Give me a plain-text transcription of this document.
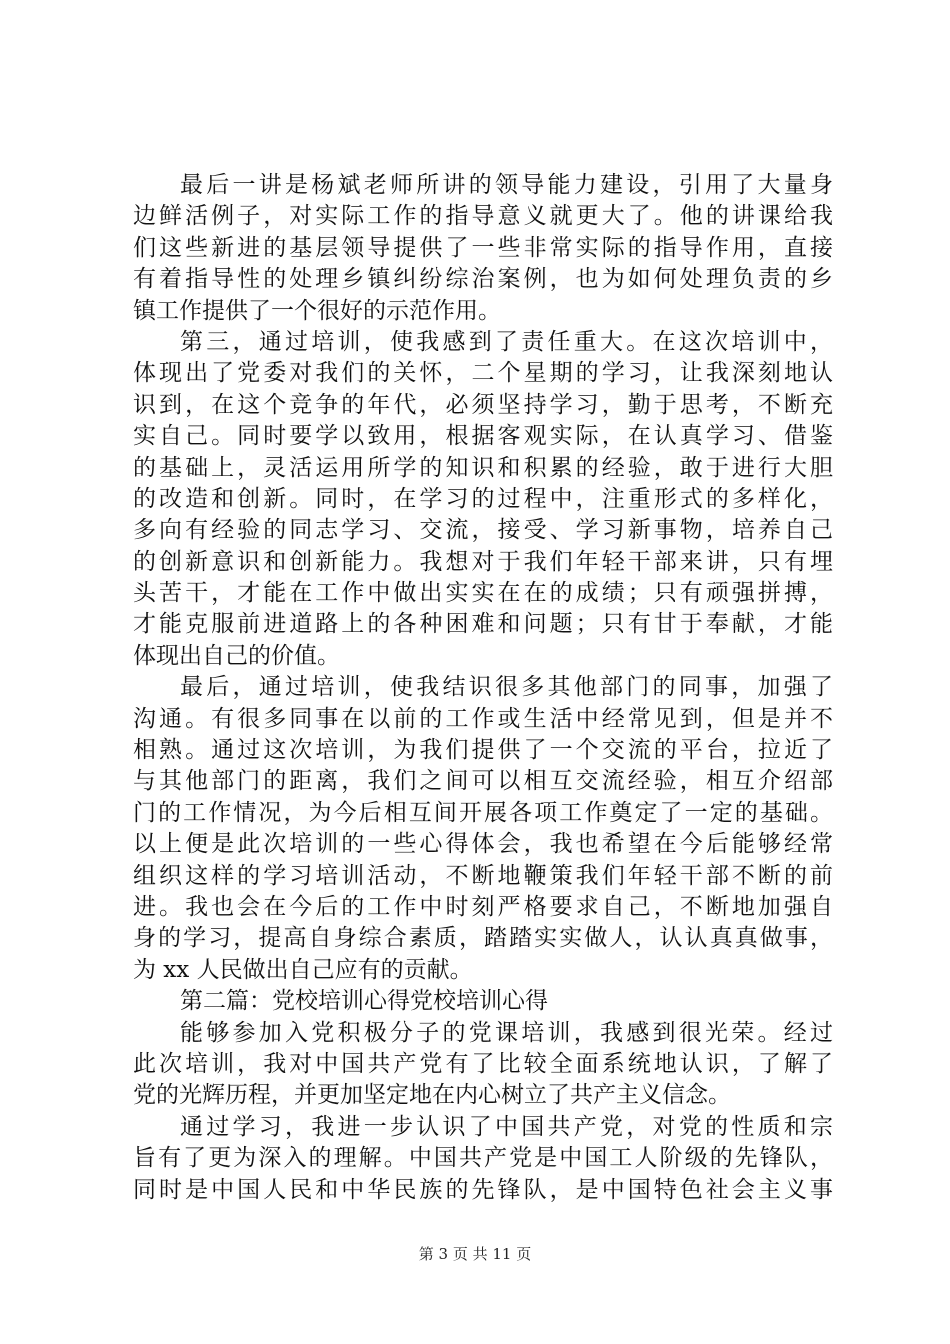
最后一讲是杨斌老师所讲的领导能力建设，引用了大量身
边鲜活例子，对实际工作的指导意义就更大了。他的讲课给我
们这些新进的基层领导提供了一些非常实际的指导作用，直接
有着指导性的处理乡镇纠纷综治案例，也为如何处理负责的乡
镇工作提供了一个很好的示范作用。
第三，通过培训，使我感到了责任重大。在这次培训中，
体现出了党委对我们的关怀，二个星期的学习，让我深刻地认
识到，在这个竞争的年代，必须坚持学习，勤于思考，不断充
实自己。同时要学以致用，根据客观实际，在认真学习、借鉴
的基础上，灵活运用所学的知识和积累的经验，敢于进行大胆
的改造和创新。同时，在学习的过程中，注重形式的多样化，
多向有经验的同志学习、交流，接受、学习新事物，培养自己
的创新意识和创新能力。我想对于我们年轻干部来讲，只有埋
头苦干，才能在工作中做出实实在在的成绩；只有顽强拼搏，
才能克服前进道路上的各种困难和问题；只有甘于奉献，才能
体现出自己的价值。
最后，通过培训，使我结识很多其他部门的同事，加强了
沟通。有很多同事在以前的工作或生活中经常见到，但是并不
相熟。通过这次培训，为我们提供了一个交流的平台，拉近了
与其他部门的距离，我们之间可以相互交流经验，相互介绍部
门的工作情况，为今后相互间开展各项工作奠定了一定的基础。
以上便是此次培训的一些心得体会，我也希望在今后能够经常
组织这样的学习培训活动，不断地鞭策我们年轻干部不断的前
进。我也会在今后的工作中时刻严格要求自己，不断地加强自
身的学习，提高自身综合素质，踏踏实实做人，认认真真做事，
为 xx 人民做出自己应有的贡献。
第二篇：党校培训心得党校培训心得
能够参加入党积极分子的党课培训，我感到很光荣。经过
此次培训，我对中国共产党有了比较全面系统地认识，了解了
党的光辉历程，并更加坚定地在内心树立了共产主义信念。
通过学习，我进一步认识了中国共产党，对党的性质和宗
旨有了更为深入的理解。中国共产党是中国工人阶级的先锋队，
同时是中国人民和中华民族的先锋队，是中国特色社会主义事
第 3 页 共 11 页
